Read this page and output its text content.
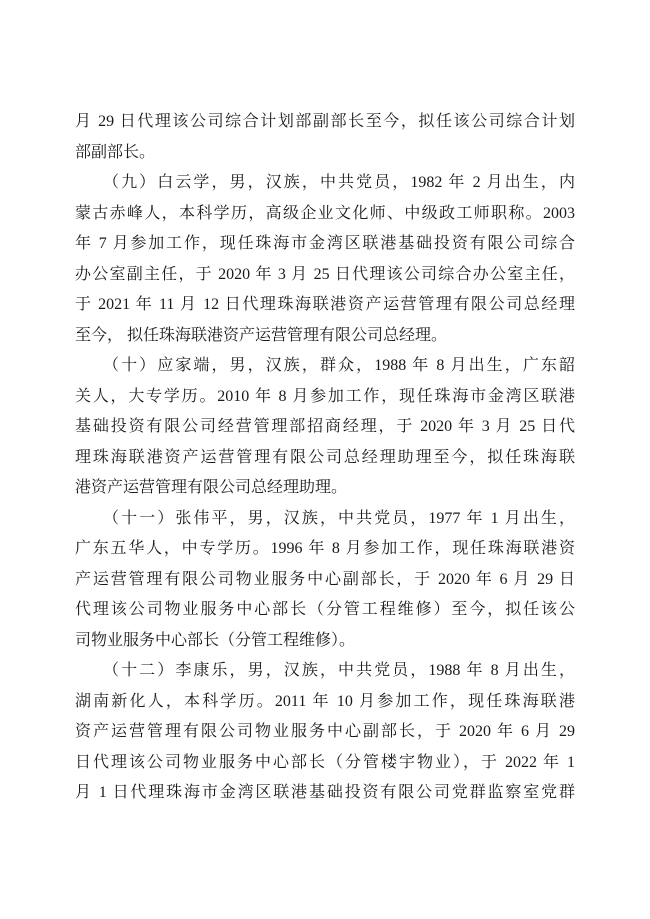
月 29 日代理该公司综合计划部副部长至今，拟任该公司综合计划
部副部长。
（九）白云学，男，汉族，中共党员，1982 年 2 月出生，内
蒙古赤峰人，本科学历，高级企业文化师、中级政工师职称。2003
年 7 月参加工作，现任珠海市金湾区联港基础投资有限公司综合
办公室副主任，于 2020 年 3 月 25 日代理该公司综合办公室主任，
于 2021 年 11 月 12 日代理珠海联港资产运营管理有限公司总经理
至今， 拟任珠海联港资产运营管理有限公司总经理。
（十）应家端，男，汉族，群众，1988 年 8 月出生，广东韶
关人，大专学历。2010 年 8 月参加工作，现任珠海市金湾区联港
基础投资有限公司经营管理部招商经理，于 2020 年 3 月 25 日代
理珠海联港资产运营管理有限公司总经理助理至今，拟任珠海联
港资产运营管理有限公司总经理助理。
（十一）张伟平，男，汉族，中共党员，1977 年 1 月出生，
广东五华人，中专学历。1996 年 8 月参加工作，现任珠海联港资
产运营管理有限公司物业服务中心副部长，于 2020 年 6 月 29 日
代理该公司物业服务中心部长（分管工程维修）至今，拟任该公
司物业服务中心部长（分管工程维修）。
（十二）李康乐，男，汉族，中共党员，1988 年 8 月出生，
湖南新化人，本科学历。2011 年 10 月参加工作，现任珠海联港
资产运营管理有限公司物业服务中心副部长，于 2020 年 6 月 29
日代理该公司物业服务中心部长（分管楼宇物业），于 2022 年 1
月 1 日代理珠海市金湾区联港基础投资有限公司党群监察室党群
